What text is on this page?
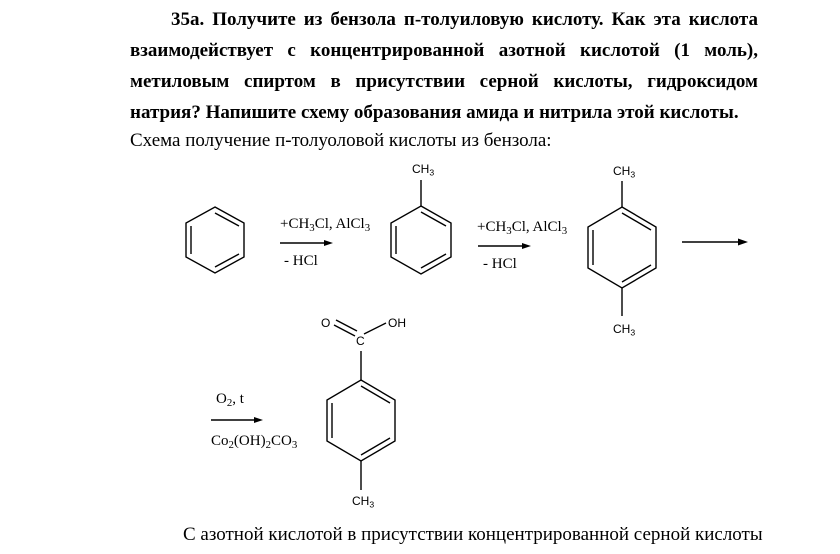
35а. Получите из бензола п-толуиловую кислоту. Как эта кислота взаимодействует с концентрированной азотной кислотой (1 моль), метиловым спиртом в присутствии серной кислоты, гидроксидом натрия? Напишите схему образования амида и нитрила этой кислоты.
Схема получение п-толуоловой кислоты из бензола:
$+CH_3Cl$, AlCl$_3$
- HCl
$+CH_3Cl$, AlCl$_3$
- HCl
$O_2$, t
$Co_2(OH)_2CO_3$
$CH_3$	$CH_3$
$CH_3$
O
C
OH
$CH_3$
С азотной кислотой в присутствии концентрированной серной кислоты
